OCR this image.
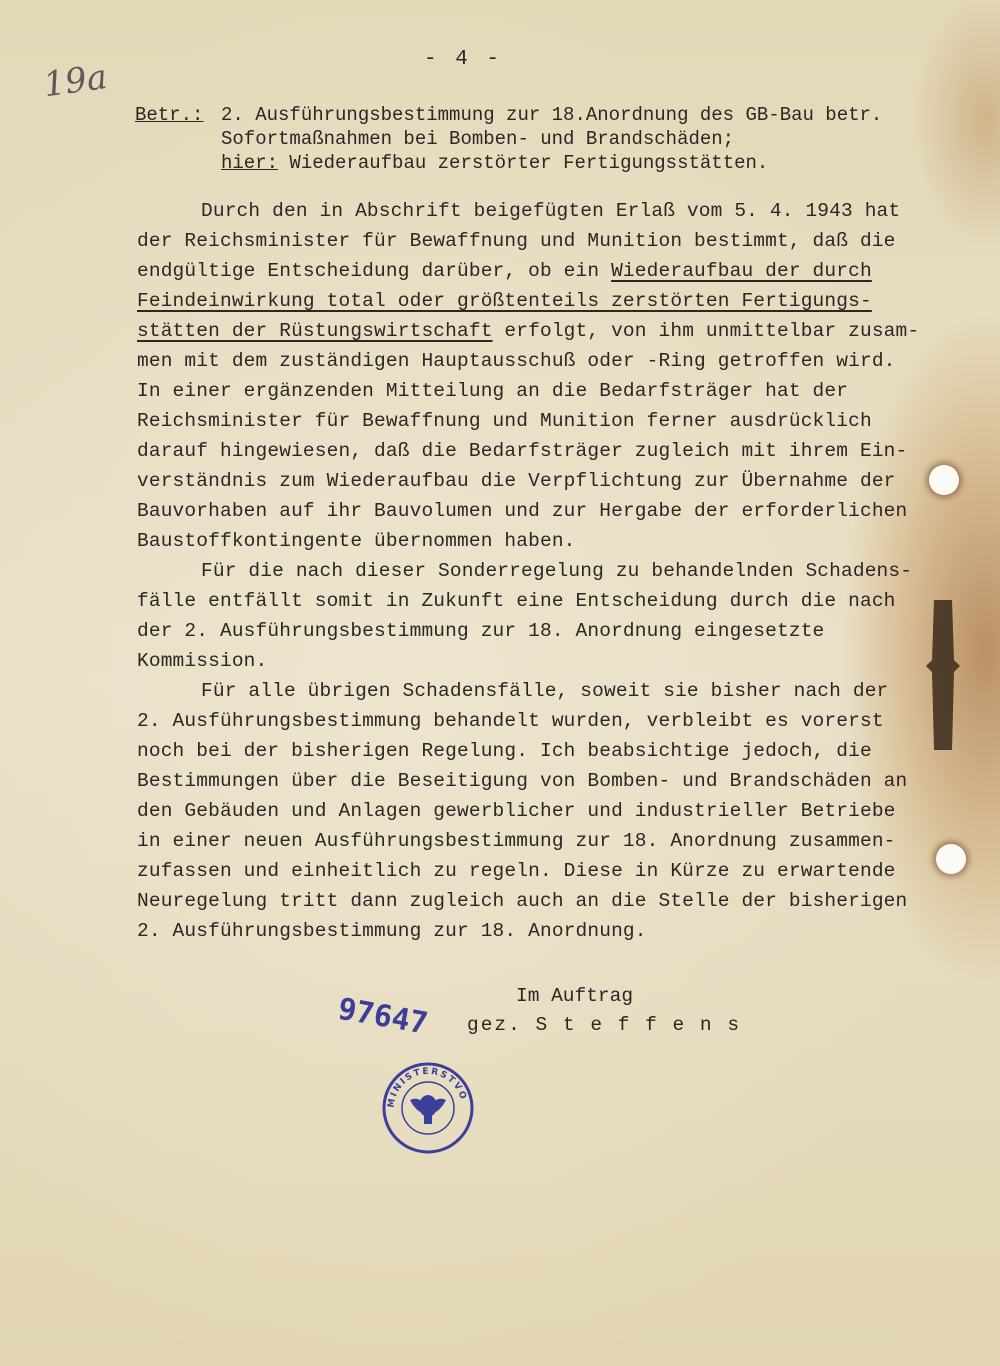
19a	- 4 -
Betr.: 2. Ausführungsbestimmung zur 18.Anordnung des GB-Bau betr.
Sofortmaßnahmen bei Bomben- und Brandschäden;
hier: Wiederaufbau zerstörter Fertigungsstätten.
Durch den in Abschrift beigefügten Erlaß vom 5. 4. 1943 hat
der Reichsminister für Bewaffnung und Munition bestimmt, daß die
endgültige Entscheidung darüber, ob ein Wiederaufbau der durch
Feindeinwirkung total oder größtenteils zerstörten Fertigungs-
stätten der Rüstungswirtschaft erfolgt, von ihm unmittelbar zusam-
men mit dem zuständigen Hauptausschuß oder -Ring getroffen wird.
In einer ergänzenden Mitteilung an die Bedarfsträger hat der
Reichsminister für Bewaffnung und Munition ferner ausdrücklich
darauf hingewiesen, daß die Bedarfsträger zugleich mit ihrem Ein-
verständnis zum Wiederaufbau die Verpflichtung zur Übernahme der
Bauvorhaben auf ihr Bauvolumen und zur Hergabe der erforderlichen
Baustoffkontingente übernommen haben.
Für die nach dieser Sonderregelung zu behandelnden Schadens-
fälle entfällt somit in Zukunft eine Entscheidung durch die nach
der 2. Ausführungsbestimmung zur 18. Anordnung eingesetzte
Kommission.
Für alle übrigen Schadensfälle, soweit sie bisher nach der
2. Ausführungsbestimmung behandelt wurden, verbleibt es vorerst
noch bei der bisherigen Regelung. Ich beabsichtige jedoch, die
Bestimmungen über die Beseitigung von Bomben- und Brandschäden an
den Gebäuden und Anlagen gewerblicher und industrieller Betriebe
in einer neuen Ausführungsbestimmung zur 18. Anordnung zusammen-
zufassen und einheitlich zu regeln. Diese in Kürze zu erwartende
Neuregelung tritt dann zugleich auch an die Stelle der bisherigen
2. Ausführungsbestimmung zur 18. Anordnung.
97647	Im Auftrag
gez. S t e f f e n s
MINISTERSTVO
